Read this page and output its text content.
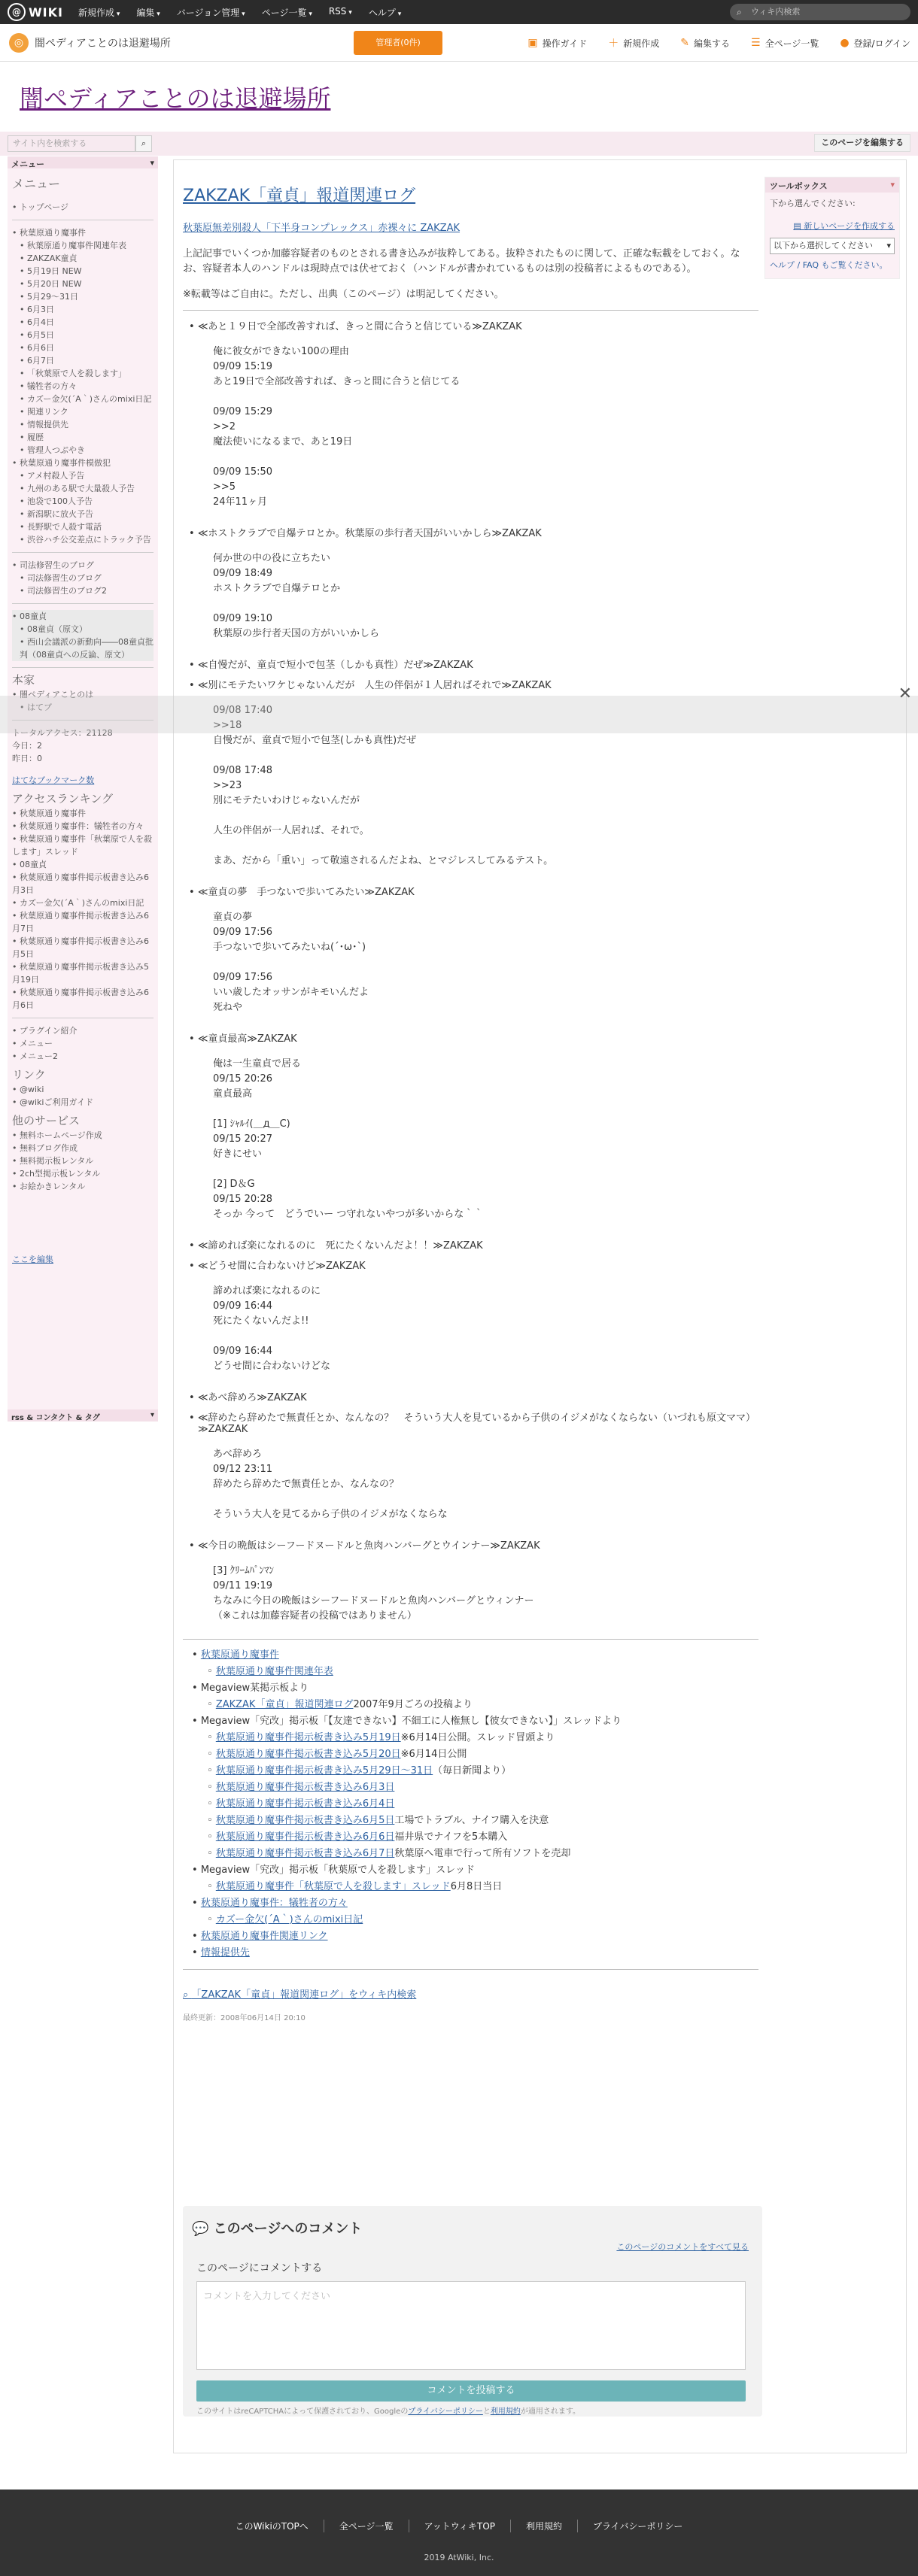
@ WIKI 新規作成 ▾	編集 ▾	バージョン管理 ▾	ページ一覧 ▾	RSS ▾	ヘルプ ▾	⌕ ウィキ内検索
◎	闇ペディアことのは退避場所	管理者(0件)	▣ 操作ガイド ＋ 新規作成 ✎ 編集する ☰ 全ページ一覧 ● 登録/ログイン
闇ペディアことのは退避場所
このページを編集する
サイト内を検索する	⌕
メニュー	▾
メニュー
• トップページ
• 秋葉原通り魔事件
• 秋葉原通り魔事件関連年表
• ZAKZAK童貞
• 5月19日 NEW
• 5月20日 NEW
• 5月29～31日
• 6月3日
• 6月4日
• 6月5日
• 6月6日
• 6月7日
• 「秋葉原で人を殺します」
• 犠牲者の方々
• カズー金欠(´A｀)さんのmixi日記
• 関連リンク
• 情報提供先
• 履歴
• 管理人つぶやき
• 秋葉原通り魔事件模倣犯
• アメ村殺人予告
• 九州のある駅で大量殺人予告
• 池袋で100人予告
• 新潟駅に放火予告
• 長野駅で人殺す電話
• 渋谷ハチ公交差点にトラック予告
• 司法修習生のブログ
• 司法修習生のブログ
• 司法修習生のブログ2
• 08童貞
• 08童貞（原文）
• 西山会議派の新動向――08童貞批判（08童貞への反論、原文）
本家
• 闇ペディアことのは
• はてブ
トータルアクセス：21128
今日：2
昨日：0
はてなブックマーク数
アクセスランキング
• 秋葉原通り魔事件
• 秋葉原通り魔事件：犠牲者の方々
• 秋葉原通り魔事件「秋葉原で人を殺します」スレッド
• 08童貞
• 秋葉原通り魔事件掲示板書き込み6月3日
• カズー金欠(´A｀)さんのmixi日記
• 秋葉原通り魔事件掲示板書き込み6月7日
• 秋葉原通り魔事件掲示板書き込み6月5日
• 秋葉原通り魔事件掲示板書き込み5月19日
• 秋葉原通り魔事件掲示板書き込み6月6日
• プラグイン紹介
• メニュー
• メニュー2
リンク
• @wiki
• @wikiご利用ガイド
他のサービス
• 無料ホームページ作成
• 無料ブログ作成
• 無料掲示板レンタル
• 2ch型掲示板レンタル
• お絵かきレンタル
ここを編集
rss & コンタクト & タグ	▾
ZAKZAK「童貞」報道関連ログ
秋葉原無差別殺人「下半身コンプレックス」赤裸々に ZAKZAK
上記記事でいくつか加藤容疑者のものとされる書き込みが抜粋してある。抜粋されたものに関して、正確な転載をしておく。なお、容疑者本人のハンドルは現時点では伏せておく（ハンドルが書かれているものは別の投稿者によるものである）。
※転載等はご自由に。ただし、出典（このページ）は明記してください。
• ≪あと１９日で全部改善すれば、きっと間に合うと信じている≫ZAKZAK

俺に彼女ができない100の理由
09/09 15:19
あと19日で全部改善すれば、きっと間に合うと信じてる

09/09 15:29
>>2
魔法使いになるまで、あと19日

09/09 15:50
>>5
24年11ヶ月

• ≪ホストクラブで自爆テロとか。秋葉原の歩行者天国がいいかしら≫ZAKZAK

何か世の中の役に立ちたい
09/09 18:49
ホストクラブで自爆テロとか

09/09 19:10
秋葉原の歩行者天国の方がいいかしら

• ≪自慢だが、童貞で短小で包茎（しかも真性）だぜ≫ZAKZAK
• ≪別にモテたいワケじゃないんだが　人生の伴侶が１人居ればそれで≫ZAKZAK

09/08 17:40
>>18
自慢だが、童貞で短小で包茎(しかも真性)だぜ

09/08 17:48
>>23
別にモテたいわけじゃないんだが

人生の伴侶が一人居れば、それで。

まあ、だから「重い」って敬遠されるんだよね、とマジレスしてみるテスト。

• ≪童貞の夢　手つないで歩いてみたい≫ZAKZAK

童貞の夢
09/09 17:56
手つないで歩いてみたいね(´･ω･`)

09/09 17:56
いい歳したオッサンがキモいんだよ
死ねや

• ≪童貞最高≫ZAKZAK

俺は一生童貞で居る
09/15 20:26
童貞最高

[1] ｼｬﾙｲ(＿д＿C)
09/15 20:27
好きにせい

[2] D＆G
09/15 20:28
そっか 今って　どうでいー つ守れないやつが多いからな｀｀

• ≪諦めれば楽になれるのに　死にたくないんだよ！！≫ZAKZAK
• ≪どうせ間に合わないけど≫ZAKZAK

諦めれば楽になれるのに
09/09 16:44
死にたくないんだよ!!

09/09 16:44
どうせ間に合わないけどな

• ≪あべ辞めろ≫ZAKZAK
• ≪辞めたら辞めたで無責任とか、なんなの？　そういう大人を見ているから子供のイジメがなくならない（いづれも原文ママ）≫ZAKZAK

あべ辞めろ
09/12 23:11
辞めたら辞めたで無責任とか、なんなの？

そういう大人を見てるから子供のイジメがなくならな

• ≪今日の晩飯はシーフードヌードルと魚肉ハンバーグとウインナー≫ZAKZAK

[3] ｸﾘｰﾑﾊﾟﾝﾏﾝ
09/11 19:19
ちなみに今日の晩飯はシーフードヌードルと魚肉ハンバーグとウィンナー
（※これは加藤容疑者の投稿ではありません）

• 秋葉原通り魔事件
◦ 秋葉原通り魔事件関連年表
• Megaview某掲示板より
◦ ZAKZAK「童貞」報道関連ログ2007年9月ごろの投稿より
• Megaview「究改」掲示板「【友達できない】不細工に人権無し【彼女できない】」スレッドより
◦ 秋葉原通り魔事件掲示板書き込み5月19日※6月14日公開。スレッド冒頭より
◦ 秋葉原通り魔事件掲示板書き込み5月20日※6月14日公開
◦ 秋葉原通り魔事件掲示板書き込み5月29日～31日（毎日新聞より）
◦ 秋葉原通り魔事件掲示板書き込み6月3日
◦ 秋葉原通り魔事件掲示板書き込み6月4日
◦ 秋葉原通り魔事件掲示板書き込み6月5日工場でトラブル、ナイフ購入を決意
◦ 秋葉原通り魔事件掲示板書き込み6月6日福井県でナイフを5本購入
◦ 秋葉原通り魔事件掲示板書き込み6月7日秋葉原へ電車で行って所有ソフトを売却
• Megaview「究改」掲示板「秋葉原で人を殺します」スレッド
◦ 秋葉原通り魔事件「秋葉原で人を殺します」スレッド6月8日当日
• 秋葉原通り魔事件：犠牲者の方々
◦ カズー金欠(´A｀)さんのmixi日記
• 秋葉原通り魔事件関連リンク
• 情報提供先
⌕ 「ZAKZAK「童貞」報道関連ログ」をウィキ内検索
最終更新：2008年06月14日 20:10
ツールボックス	▾
下から選んでください:
▤ 新しいページを作成する
以下から選択してください ▾
ヘルプ / FAQ もご覧ください。
💬 このページへのコメント
このページのコメントをすべて見る
このページにコメントする
コメントを入力してください
コメントを投稿する
このサイトはreCAPTCHAによって保護されており、Googleのプライバシーポリシーと利用規約が適用されます。
✕
このWikiのTOPへ	全ページ一覧	アットウィキTOP	利用規約	プライバシーポリシー
2019 AtWiki, Inc.
